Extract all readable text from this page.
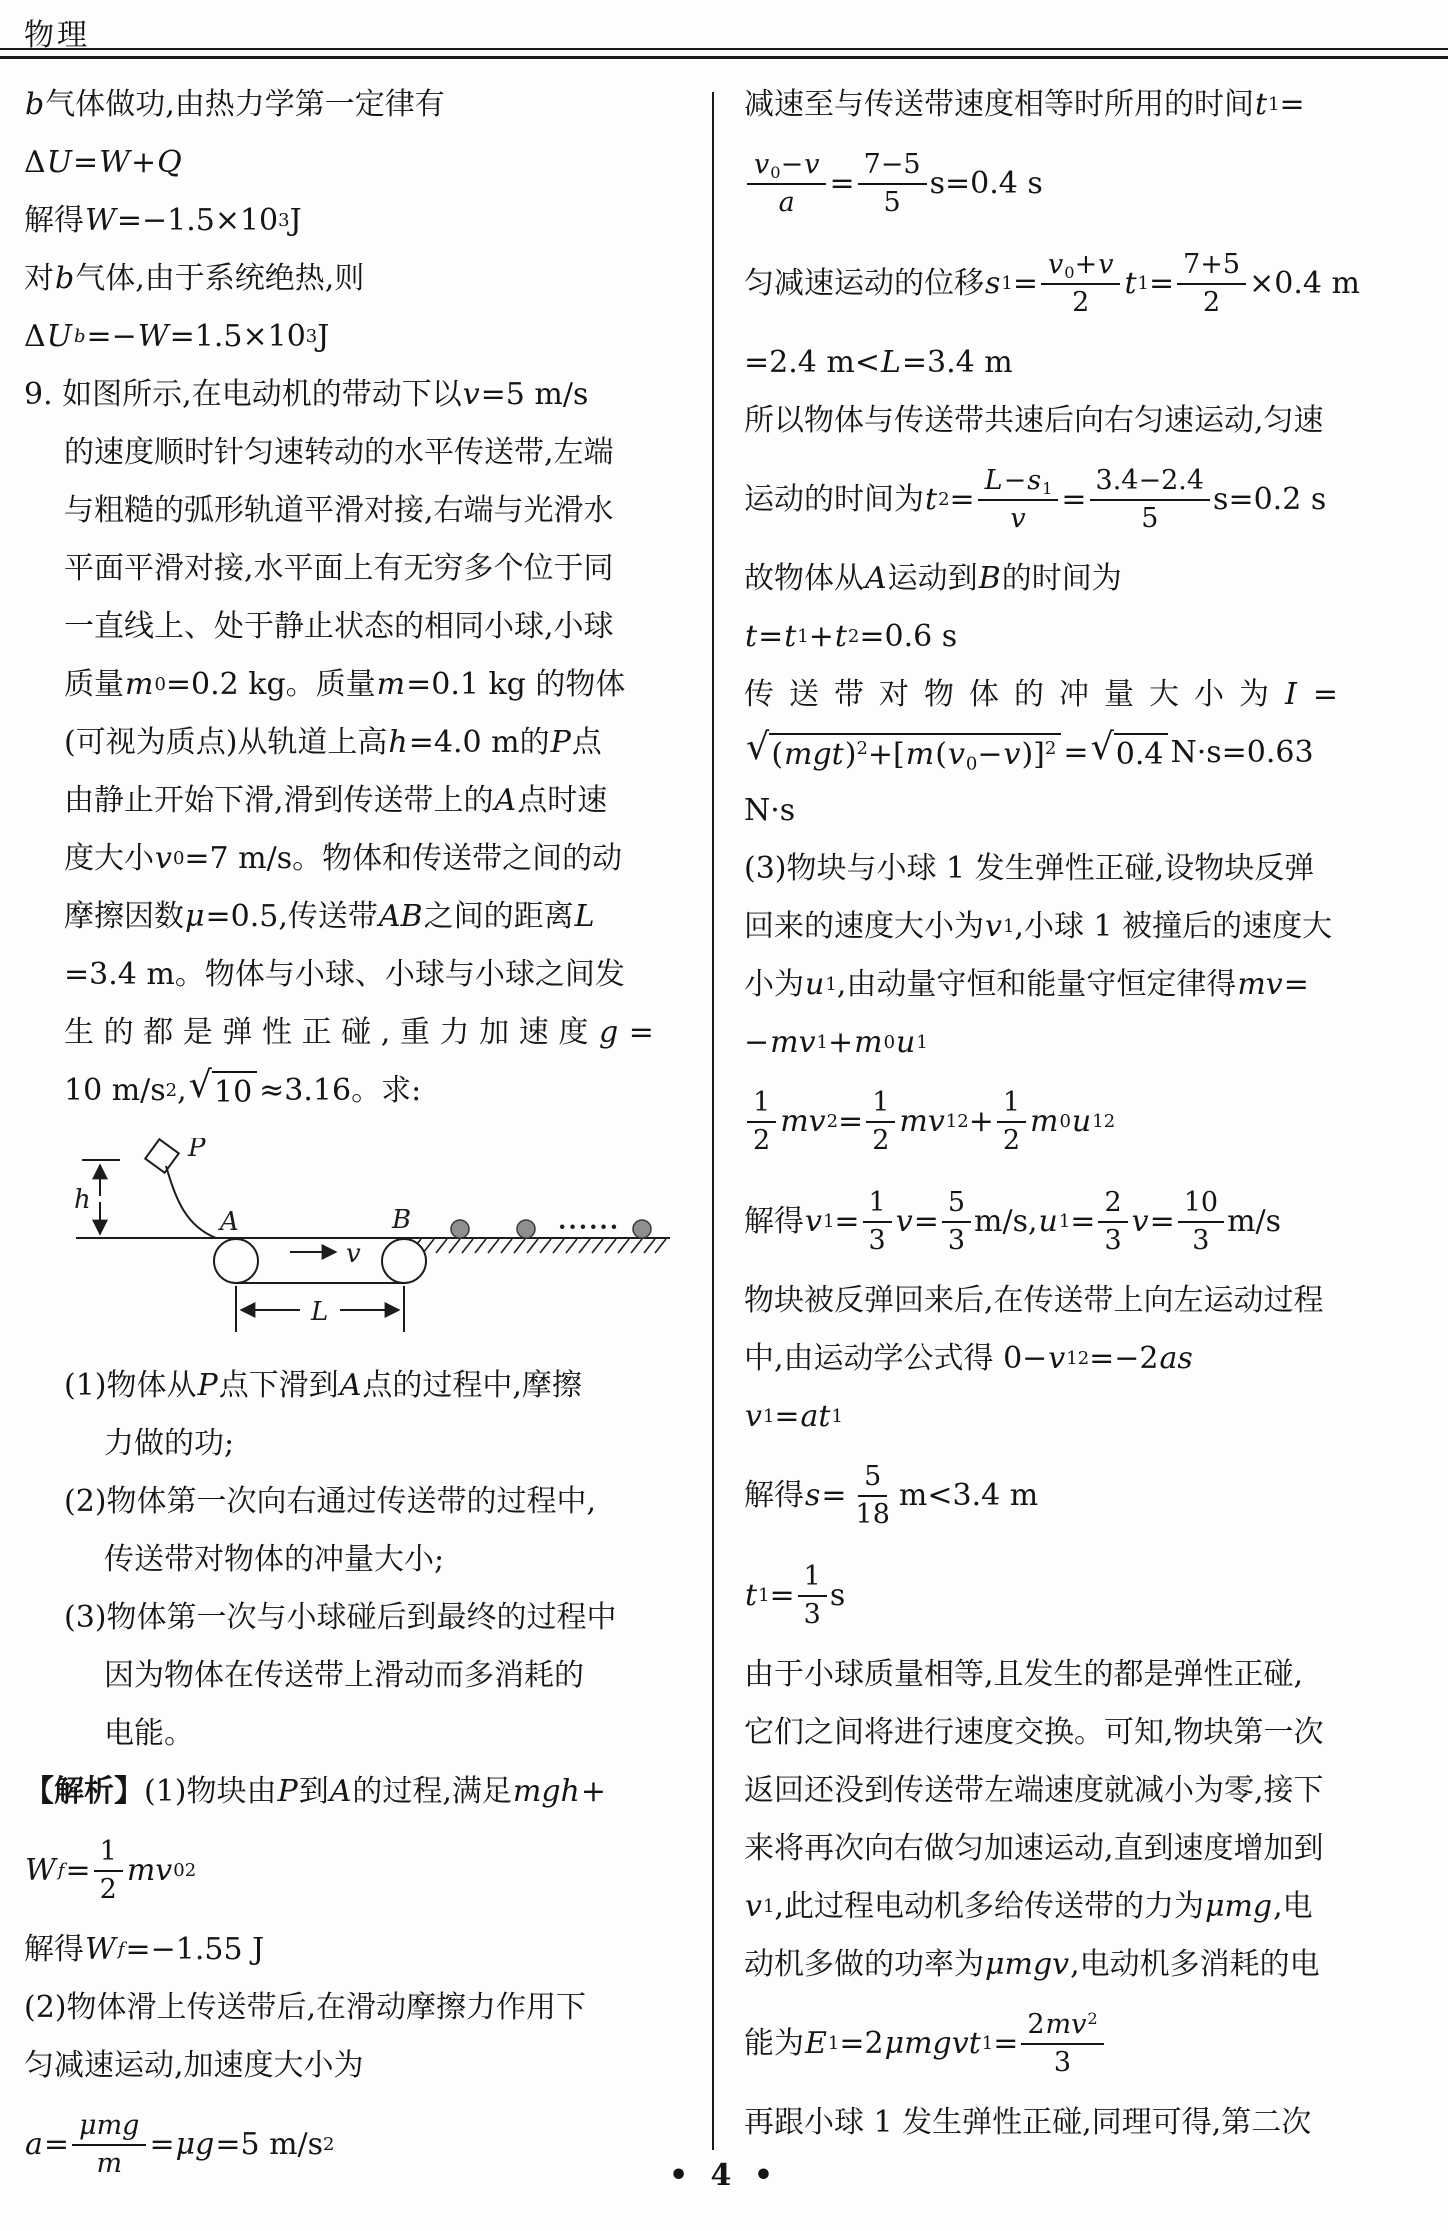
物理
b 气体做功,由热力学第一定律有
Δ U = W + Q
解得 W =−1.5×10 3 J
对 b 气体,由于系统绝热,则
Δ U b =− W =1.5×10 3 J
9. 如图所示,在电动机的带动下以 v =5 m/s
的速度顺时针匀速转动的水平传送带,左端
与粗糙的弧形轨道平滑对接,右端与光滑水
平面平滑对接,水平面上有无穷多个位于同
一直线上、处于静止状态的相同小球,小球
质量 m 0 =0.2 kg。质量 m =0.1 kg 的物体
(可视为质点)从轨道上高 h =4.0 m的 P 点
由静止开始下滑,滑到传送带上的 A 点时速
度大小 v 0 =7 m/s。物体和传送带之间的动
摩擦因数 μ =0.5,传送带 AB 之间的距离 L
=3.4 m。物体与小球、小球与小球之间发
生的都是弹性正碰,重力加速度 g =
10 m/s 2 , √ 10 ≈3.16。求:
h
P
A	B
v
······
L
(1)物体从 P 点下滑到 A 点的过程中,摩擦
力做的功;
(2)物体第一次向右通过传送带的过程中,
传送带对物体的冲量大小;
(3)物体第一次与小球碰后到最终的过程中
因为物体在传送带上滑动而多消耗的
电能。
【解析】 (1)物块由 P 到 A 的过程,满足 mgh +
W $f = \frac{1}{2}$ mv 0 2
解得 W f =−1.55 J
(2)物体滑上传送带后,在滑动摩擦力作用下
匀减速运动,加速度大小为
$a = \frac{\text{μmg}}{m} = \mu g =5$ m/s 2
减速至与传送带速度相等时所用的时间 t 1 =
$\frac{v_0-v}{a} = \frac{7-5}{5} s=0.4$ s
匀减速运动的位移 s $1 = \frac{v_0+v}{2}$ t $1 = \frac{7+5}{2} \times 0.4$ m
=2.4 m< L =3.4 m
所以物体与传送带共速后向右匀速运动,匀速
运动的时间为 t $2 = \frac{L-s_1}{v} = \frac{3.4-2.4}{5} s=0.2$ s
故物体从 A 运动到 B 的时间为
t = t 1 + t 2 =0.6 s
传送带对物体的冲量大小为 I =
√ $(mgt)^2+[m(v_0-v)]^2$ = √ 0.4 N·s=0.63
N·s
(3)物块与小球 1 发生弹性正碰,设物块反弹
回来的速度大小为 v 1 ,小球 1 被撞后的速度大
小为 u 1 ,由动量守恒和能量守恒定律得 mv =
− mv 1 + m 0 u 1
$\frac{1}{2}$ mv $2 = \frac{1}{2}$ mv 1 $2 + \frac{1}{2}$ m 0 u 1 2
解得 v $1 = \frac{1}{3}$ $v = \frac{5}{3} m/s$, u $1 = \frac{2}{3}$ $v = \frac{10}{3} m/s$
物块被反弹回来后,在传送带上向左运动过程
中,由运动学公式得 0− v 1 2 =−2 as
v 1 = at 1
解得 $s = \frac{5}{18} m<3.4$ m
t $1 = \frac{1}{3}$ s
由于小球质量相等,且发生的都是弹性正碰,
它们之间将进行速度交换。可知,物块第一次
返回还没到传送带左端速度就减小为零,接下
来将再次向右做匀加速运动,直到速度增加到
v 1 ,此过程电动机多给传送带的力为 μmg ,电
动机多做的功率为 μmgv ,电动机多消耗的电
能为 E 1 =2 μmgvt $1 = \frac{2mv^2}{3}$
再跟小球 1 发生弹性正碰,同理可得,第二次
• 4 •
